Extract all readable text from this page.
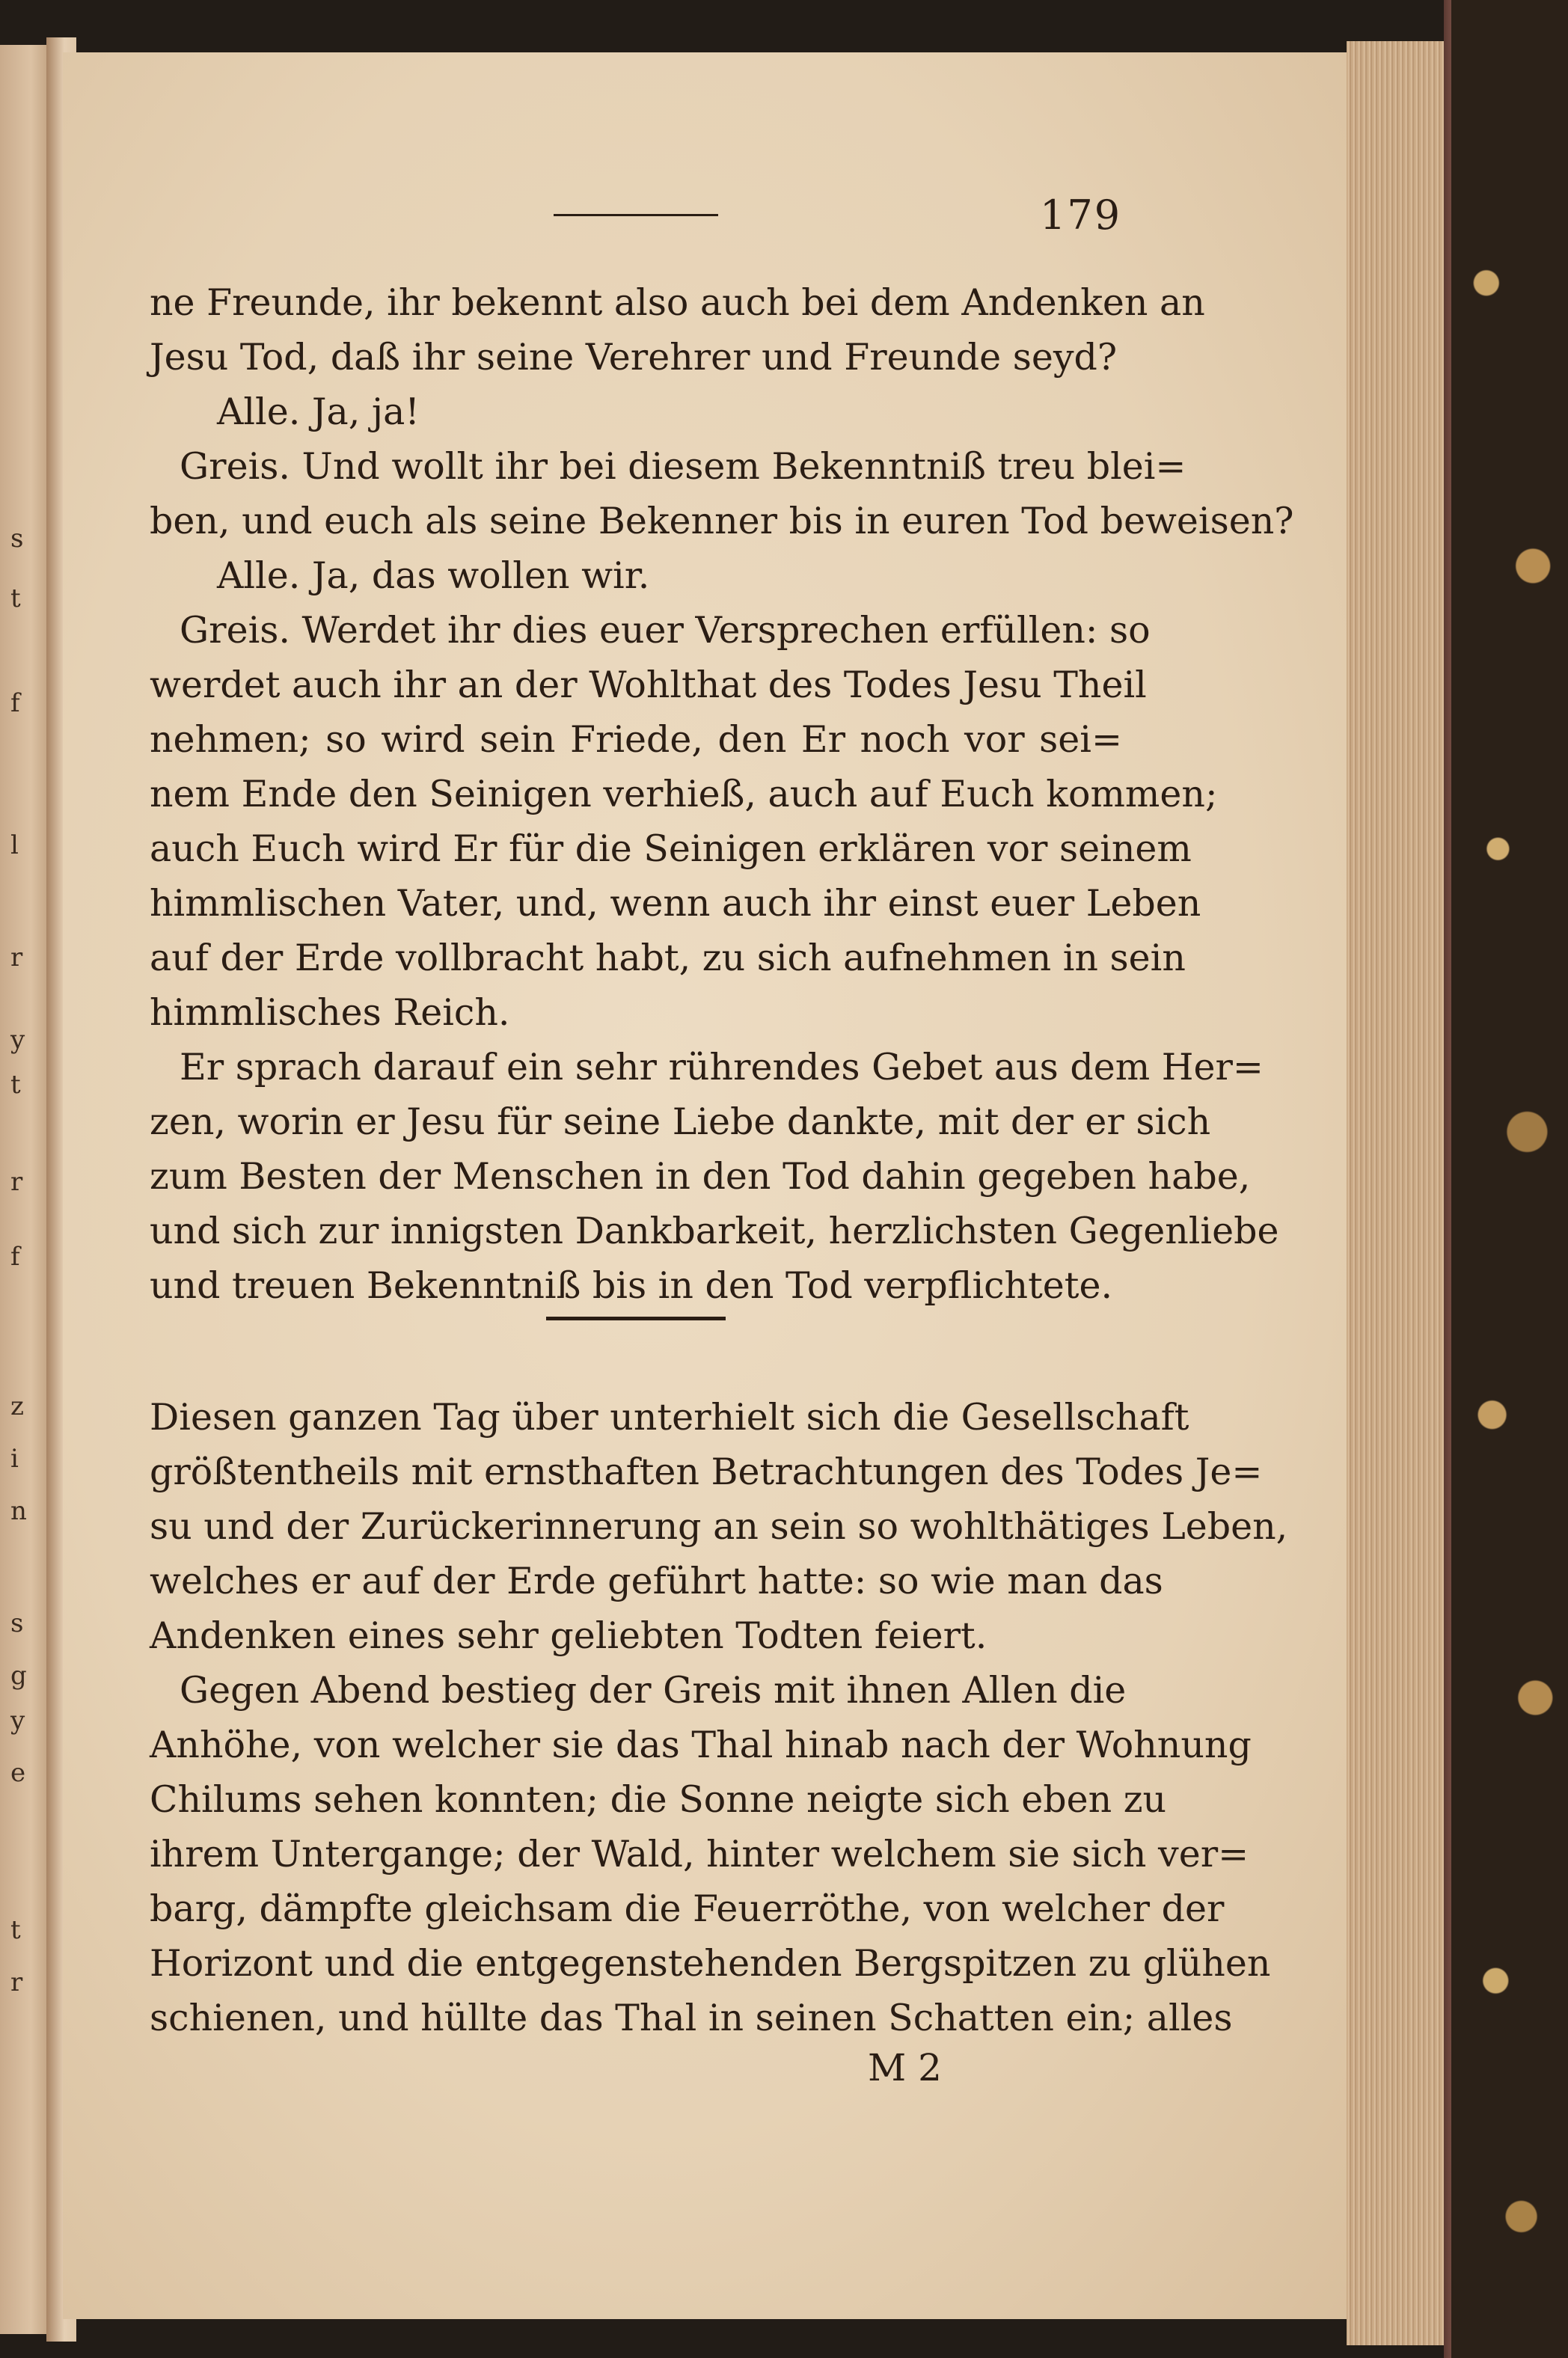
s
t
f
l
r
y
t
r
f
z
i
n
s
g
y
e
t
r
179
ne Freunde, ihr bekennt also auch bei dem Andenken an
Jesu Tod, daß ihr seine Verehrer und Freunde seyd?
Alle. Ja, ja!
Greis. Und wollt ihr bei diesem Bekenntniß treu blei=
ben, und euch als seine Bekenner bis in euren Tod beweisen?
Alle. Ja, das wollen wir.
Greis. Werdet ihr dies euer Versprechen erfüllen: so
werdet auch ihr an der Wohlthat des Todes Jesu Theil
nehmen; so wird sein Friede, den Er noch vor sei=
nem Ende den Seinigen verhieß, auch auf Euch kommen;
auch Euch wird Er für die Seinigen erklären vor seinem
himmlischen Vater, und, wenn auch ihr einst euer Leben
auf der Erde vollbracht habt, zu sich aufnehmen in sein
himmlisches Reich.
Er sprach darauf ein sehr rührendes Gebet aus dem Her=
zen, worin er Jesu für seine Liebe dankte, mit der er sich
zum Besten der Menschen in den Tod dahin gegeben habe,
und sich zur innigsten Dankbarkeit, herzlichsten Gegenliebe
und treuen Bekenntniß bis in den Tod verpflichtete.
Diesen ganzen Tag über unterhielt sich die Gesellschaft
größtentheils mit ernsthaften Betrachtungen des Todes Je=
su und der Zurückerinnerung an sein so wohlthätiges Leben,
welches er auf der Erde geführt hatte: so wie man das
Andenken eines sehr geliebten Todten feiert.
Gegen Abend bestieg der Greis mit ihnen Allen die
Anhöhe, von welcher sie das Thal hinab nach der Wohnung
Chilums sehen konnten; die Sonne neigte sich eben zu
ihrem Untergange; der Wald, hinter welchem sie sich ver=
barg, dämpfte gleichsam die Feuerröthe, von welcher der
Horizont und die entgegenstehenden Bergspitzen zu glühen
schienen, und hüllte das Thal in seinen Schatten ein; alles
M 2
